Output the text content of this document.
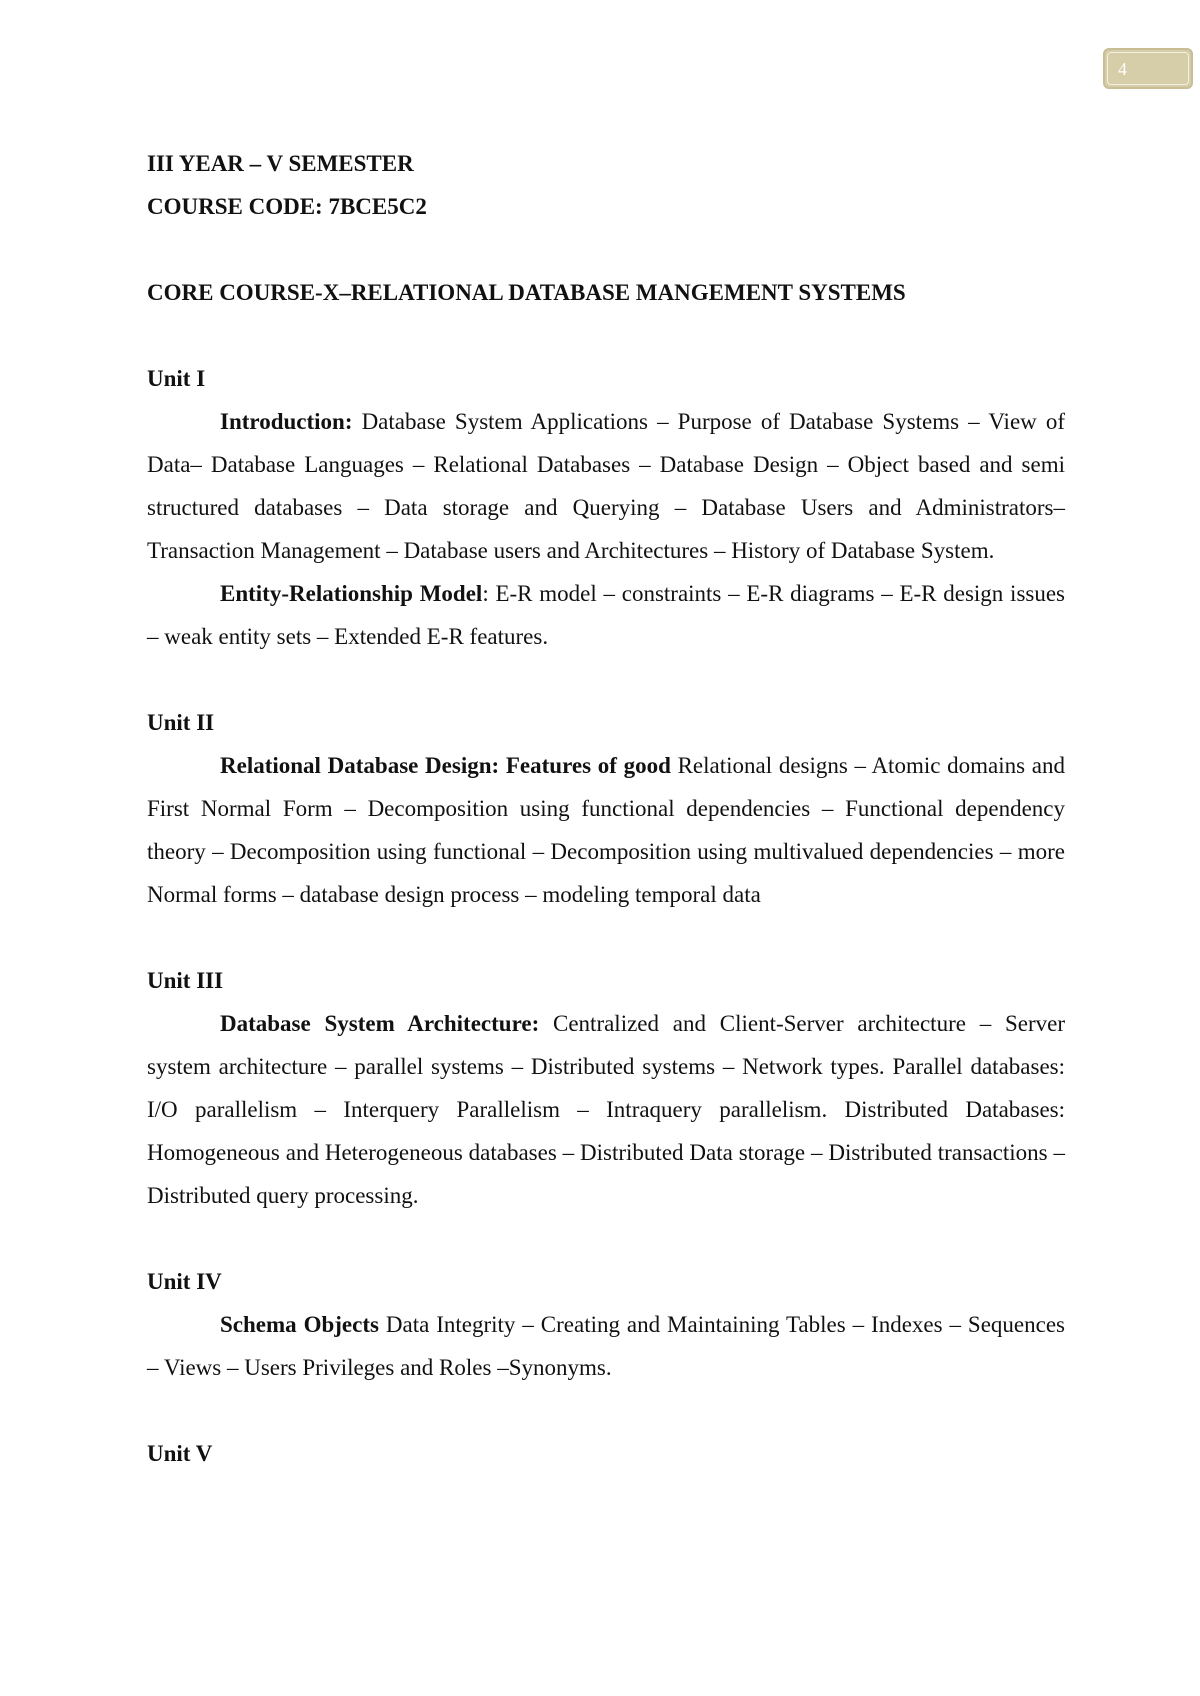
4

III YEAR – V SEMESTER

COURSE CODE: 7BCE5C2

CORE COURSE-X–RELATIONAL DATABASE MANGEMENT SYSTEMS

Unit I

Introduction: Database System Applications – Purpose of Database Systems – View of Data– Database Languages – Relational Databases – Database Design – Object based and semi structured databases – Data storage and Querying – Database Users and Administrators– Transaction Management – Database users and Architectures – History of Database System.

Entity-Relationship Model: E-R model – constraints – E-R diagrams – E-R design issues – weak entity sets – Extended E-R features.

Unit II

Relational Database Design: Features of good Relational designs – Atomic domains and First Normal Form – Decomposition using functional dependencies – Functional dependency theory – Decomposition using functional – Decomposition using multivalued dependencies – more Normal forms – database design process – modeling temporal data

Unit III

Database System Architecture: Centralized and Client-Server architecture – Server system architecture – parallel systems – Distributed systems – Network types. Parallel databases: I/O parallelism – Interquery Parallelism – Intraquery parallelism. Distributed Databases: Homogeneous and Heterogeneous databases – Distributed Data storage – Distributed transactions – Distributed query processing.

Unit IV

Schema Objects Data Integrity – Creating and Maintaining Tables – Indexes – Sequences – Views – Users Privileges and Roles –Synonyms.

Unit V
